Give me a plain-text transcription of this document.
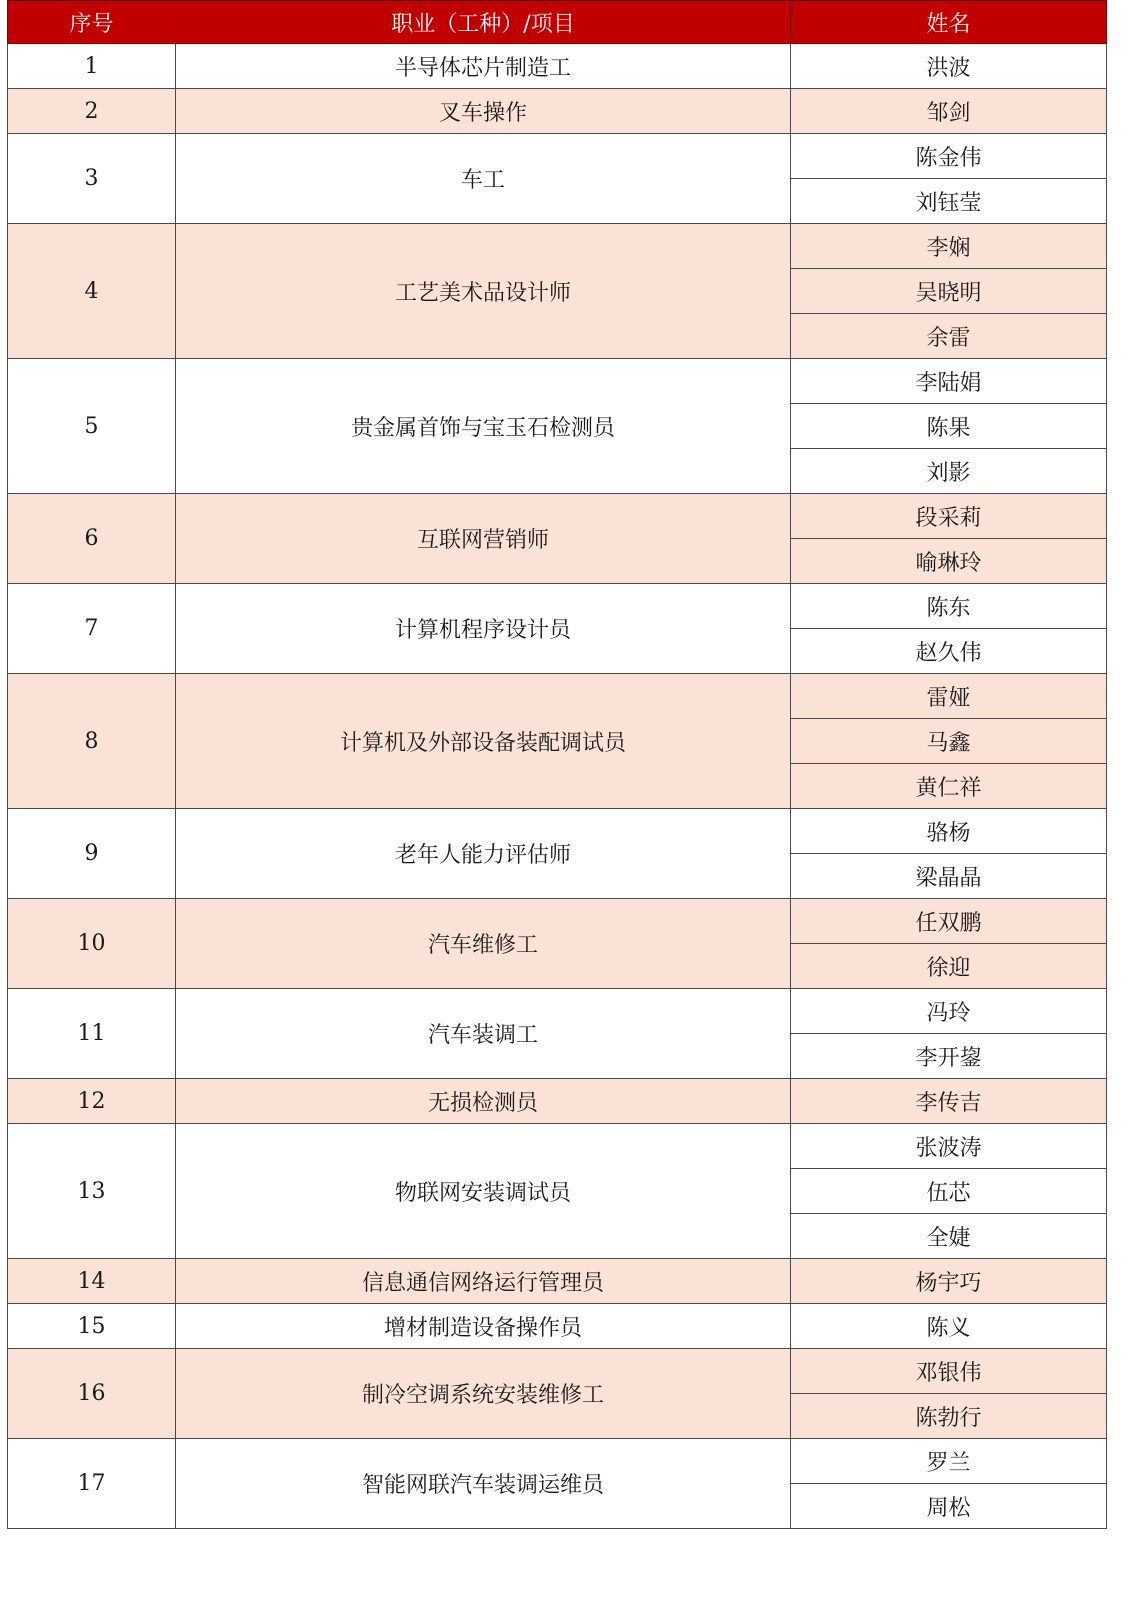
序号	职业（工种）/项目	姓名
1	半导体芯片制造工	洪波
2	叉车操作	邹剑
3	车工	陈金伟
		刘钰莹
4	工艺美术品设计师	李娴
		吴晓明
		余雷
5	贵金属首饰与宝玉石检测员	李陆娟
		陈果
		刘影
6	互联网营销师	段采莉
		喻琳玲
7	计算机程序设计员	陈东
		赵久伟
8	计算机及外部设备装配调试员	雷娅
		马鑫
		黄仁祥
9	老年人能力评估师	骆杨
		梁晶晶
10	汽车维修工	任双鹏
		徐迎
11	汽车装调工	冯玲
		李开鋆
12	无损检测员	李传吉
13	物联网安装调试员	张波涛
		伍芯
		全婕
14	信息通信网络运行管理员	杨宇巧
15	增材制造设备操作员	陈义
16	制冷空调系统安装维修工	邓银伟
		陈勃行
17	智能网联汽车装调运维员	罗兰
		周松
